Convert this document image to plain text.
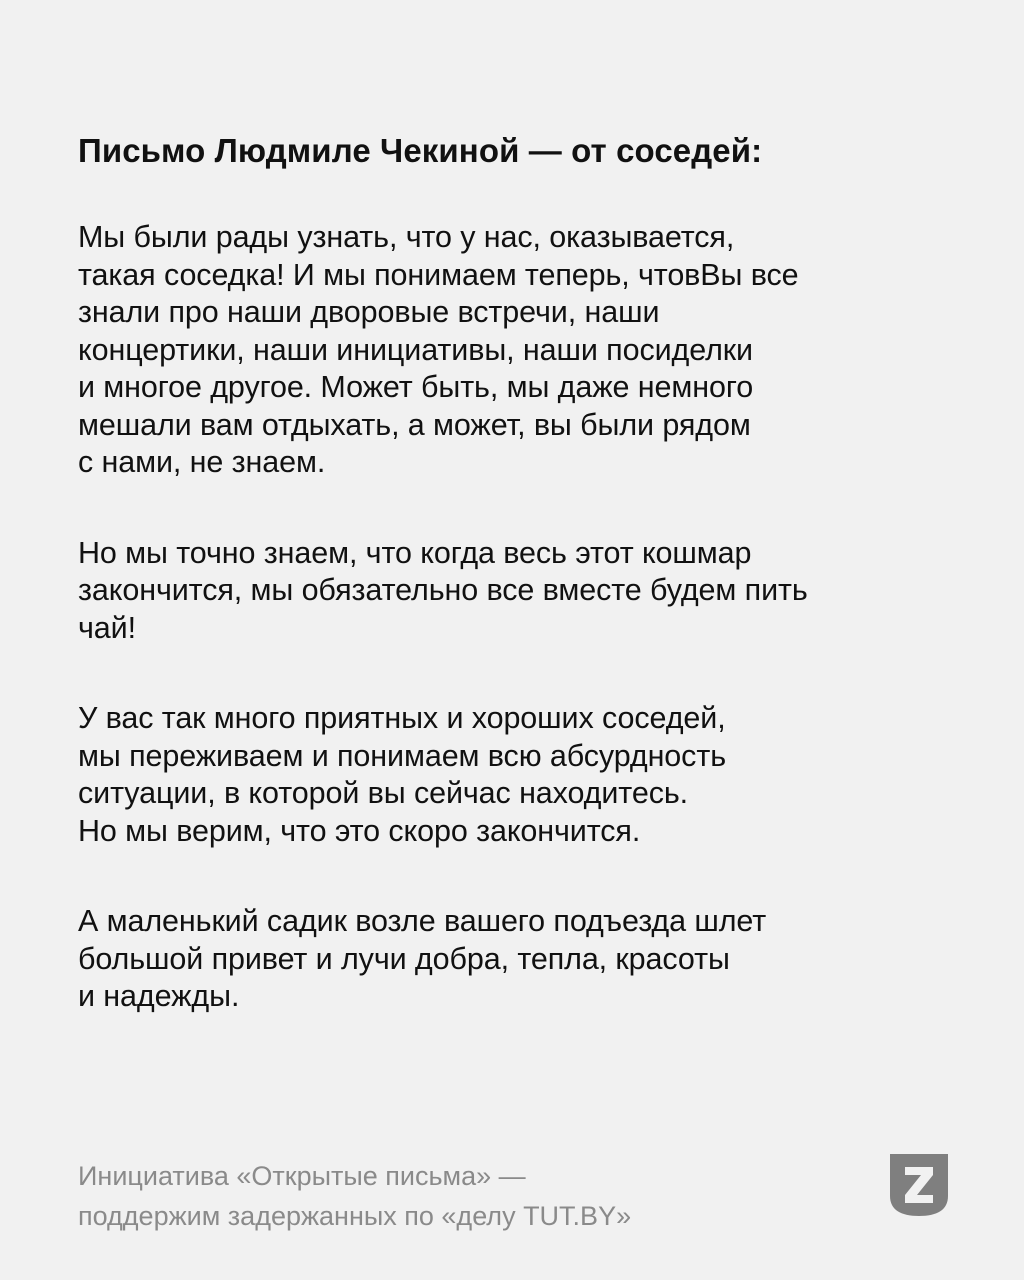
Письмо Людмиле Чекиной — от соседей:

Мы были рады узнать, что у нас, оказывается,
такая соседка! И мы понимаем теперь, чтовВы все
знали про наши дворовые встречи, наши
концертики, наши инициативы, наши посиделки
и многое другое. Может быть, мы даже немного
мешали вам отдыхать, а может, вы были рядом
с нами, не знаем.

Но мы точно знаем, что когда весь этот кошмар
закончится, мы обязательно все вместе будем пить
чай!

У вас так много приятных и хороших соседей,
мы переживаем и понимаем всю абсурдность
ситуации, в которой вы сейчас находитесь.
Но мы верим, что это скоро закончится.

А маленький садик возле вашего подъезда шлет
большой привет и лучи добра, тепла, красоты
и надежды.

Инициатива «Открытые письма» —
поддержим задержанных по «делу TUT.BY»
